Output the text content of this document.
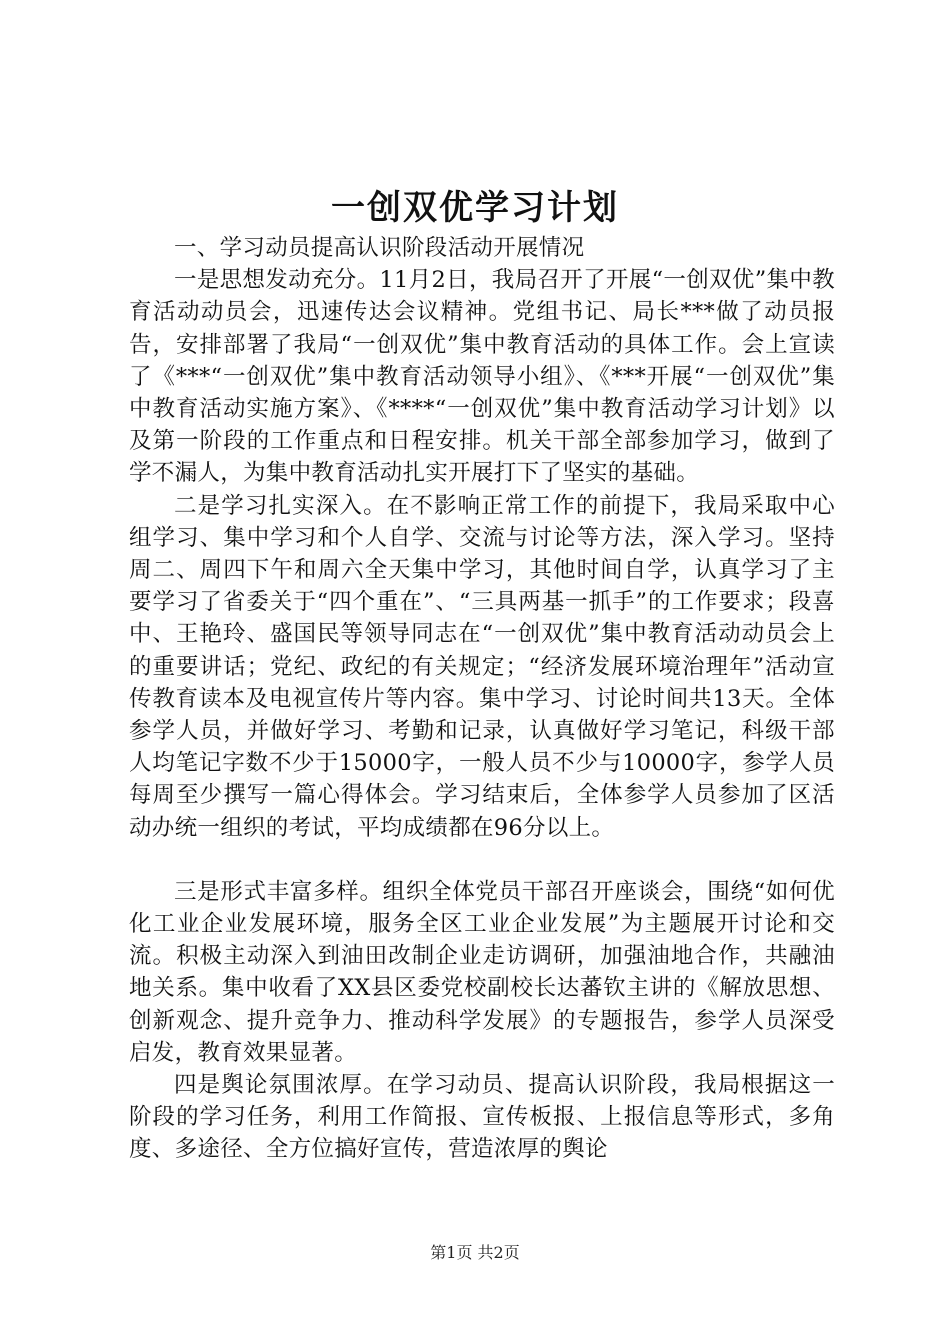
一创双优学习计划

一、学习动员提高认识阶段活动开展情况

一是思想发动充分。11月2日，我局召开了开展“一创双优”集中教育活动动员会，迅速传达会议精神。党组书记、局长***做了动员报告，安排部署了我局“一创双优”集中教育活动的具体工作。会上宣读了《***“一创双优”集中教育活动领导小组》、《***开展“一创双优”集中教育活动实施方案》、《****“一创双优”集中教育活动学习计划》以及第一阶段的工作重点和日程安排。机关干部全部参加学习，做到了学不漏人，为集中教育活动扎实开展打下了坚实的基础。

二是学习扎实深入。在不影响正常工作的前提下，我局采取中心组学习、集中学习和个人自学、交流与讨论等方法，深入学习。坚持周二、周四下午和周六全天集中学习，其他时间自学，认真学习了主要学习了省委关于“四个重在”、“三具两基一抓手”的工作要求；段喜中、王艳玲、盛国民等领导同志在“一创双优”集中教育活动动员会上的重要讲话；党纪、政纪的有关规定；“经济发展环境治理年”活动宣传教育读本及电视宣传片等内容。集中学习、讨论时间共13天。全体参学人员，并做好学习、考勤和记录，认真做好学习笔记，科级干部人均笔记字数不少于15000字，一般人员不少与10000字，参学人员每周至少撰写一篇心得体会。学习结束后，全体参学人员参加了区活动办统一组织的考试，平均成绩都在96分以上。

三是形式丰富多样。组织全体党员干部召开座谈会，围绕“如何优化工业企业发展环境，服务全区工业企业发展”为主题展开讨论和交流。积极主动深入到油田改制企业走访调研，加强油地合作，共融油地关系。集中收看了XX县区委党校副校长达蕃钦主讲的《解放思想、创新观念、提升竞争力、推动科学发展》的专题报告，参学人员深受启发，教育效果显著。

四是舆论氛围浓厚。在学习动员、提高认识阶段，我局根据这一阶段的学习任务，利用工作简报、宣传板报、上报信息等形式，多角度、多途径、全方位搞好宣传，营造浓厚的舆论

第1页 共2页
